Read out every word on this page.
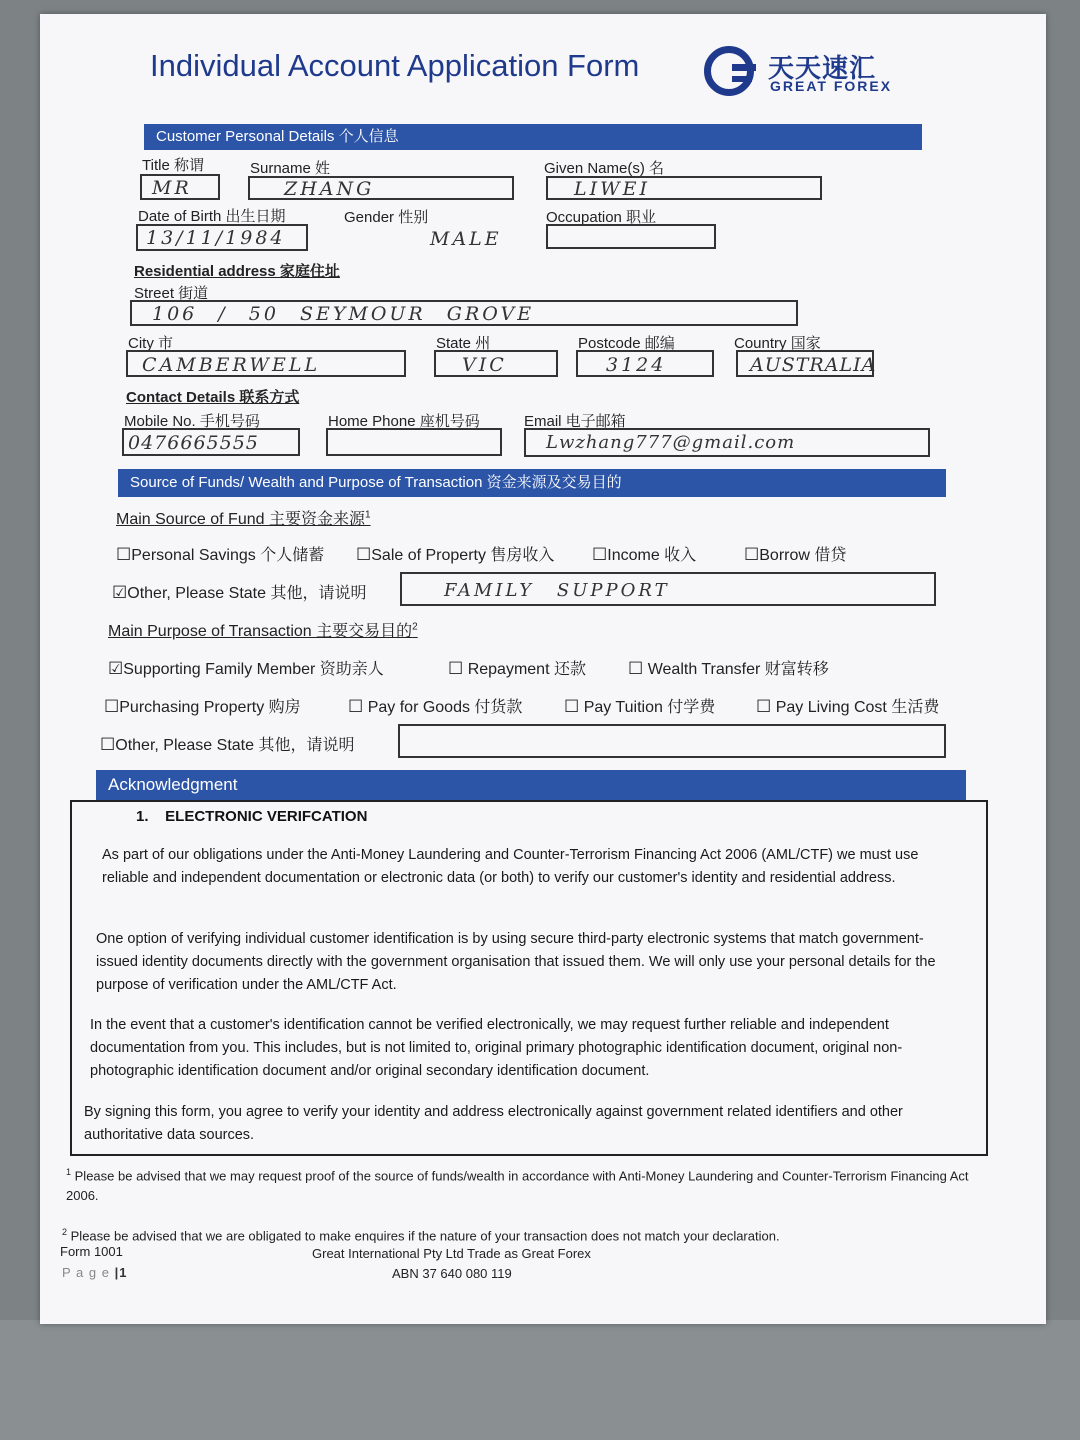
Individual Account Application Form	天天速汇
GREAT FOREX
Customer Personal Details 个人信息
Title 称谓
MR
Surname 姓
ZHANG
Given Name(s) 名
LIWEI
Date of Birth 出生日期
13/11/1984
Gender 性别
MALE
Occupation 职业
Residential address 家庭住址
Street 街道
106 / 50 SEYMOUR GROVE
City 市
CAMBERWELL
State 州
VIC
Postcode 邮编
3124
Country 国家
AUSTRALIA
Contact Details 联系方式
Mobile No. 手机号码
0476665555
Home Phone 座机号码	Email 电子邮箱
Lwzhang777@gmail.com
Source of Funds/ Wealth and Purpose of Transaction 资金来源及交易目的
Main Source of Fund 主要资金来源$^1$
☐Personal Savings 个人储蓄 ☐Sale of Property 售房收入 ☐Income 收入	☐Borrow 借贷
☑Other, Please State 其他，请说明	FAMILY SUPPORT
Main Purpose of Transaction 主要交易目的$^2$
☑Supporting Family Member 资助亲人	☐ Repayment 还款 ☐ Wealth Transfer 财富转移
☐Purchasing Property 购房	☐ Pay for Goods 付货款 ☐ Pay Tuition 付学费 ☐ Pay Living Cost 生活费
☐Other, Please State 其他，请说明
Acknowledgment
1.    ELECTRONIC VERIFCATION
As part of our obligations under the Anti-Money Laundering and Counter-Terrorism Financing Act 2006 (AML/CTF) we must use reliable and independent documentation or electronic data (or both) to verify our customer's identity and residential address.
One option of verifying individual customer identification is by using secure third-party electronic systems that match government-issued identity documents directly with the government organisation that issued them. We will only use your personal details for the purpose of verification under the AML/CTF Act.
In the event that a customer's identification cannot be verified electronically, we may request further reliable and independent documentation from you. This includes, but is not limited to, original primary photographic identification document, original non-photographic identification document and/or original secondary identification document.
By signing this form, you agree to verify your identity and address electronically against government related identifiers and other authoritative data sources.
$^1$ Please be advised that we may request proof of the source of funds/wealth in accordance with Anti-Money Laundering and Counter-Terrorism Financing Act 2006.
$^2$ Please be advised that we are obligated to make enquires if the nature of your transaction does not match your declaration.
Form 1001	Great International Pty Ltd Trade as Great Forex
ABN 37 640 080 119
P a g e |1
